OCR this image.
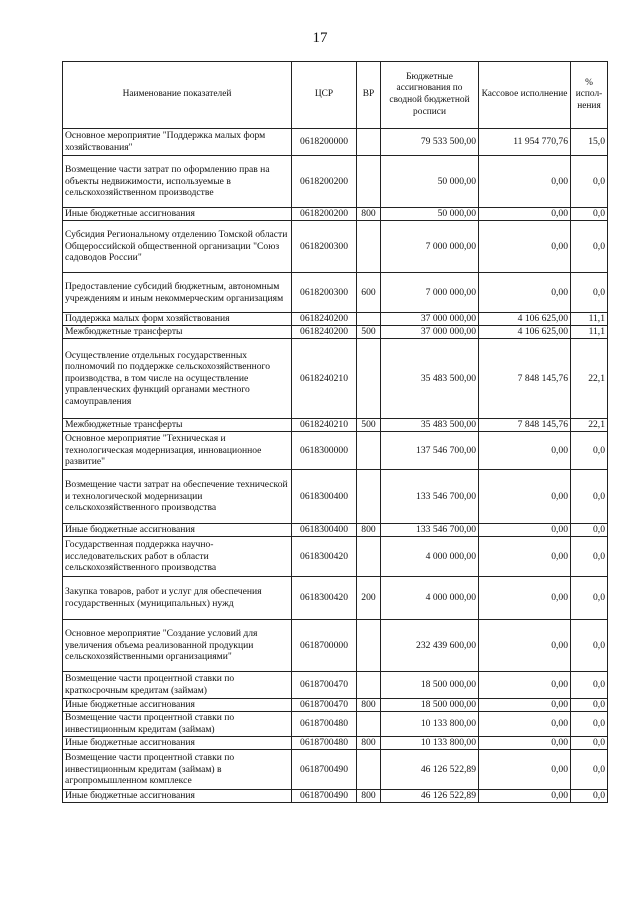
17
Наименование показателей	ЦСР	ВР	Бюджетные ассигнования по сводной бюджетной росписи	Кассовое исполнение	% испол-нения
Основное мероприятие "Поддержка малых форм хозяйствования"	0618200000		79 533 500,00	11 954 770,76	15,0
Возмещение части затрат по оформлению прав на объекты недвижимости, используемые в сельскохозяйственном производстве	0618200200		50 000,00	0,00	0,0
Иные бюджетные ассигнования	0618200200	800	50 000,00	0,00	0,0
Субсидия Региональному отделению Томской области Общероссийской общественной организации "Союз садоводов России"	0618200300		7 000 000,00	0,00	0,0
Предоставление субсидий бюджетным, автономным учреждениям и иным некоммерческим организациям	0618200300	600	7 000 000,00	0,00	0,0
Поддержка малых форм хозяйствования	0618240200		37 000 000,00	4 106 625,00	11,1
Межбюджетные трансферты	0618240200	500	37 000 000,00	4 106 625,00	11,1
Осуществление отдельных государственных полномочий по поддержке сельскохозяйственного производства, в том числе на осуществление управленческих функций органами местного самоуправления	0618240210		35 483 500,00	7 848 145,76	22,1
Межбюджетные трансферты	0618240210	500	35 483 500,00	7 848 145,76	22,1
Основное мероприятие "Техническая и технологическая модернизация, инновационное развитие"	0618300000		137 546 700,00	0,00	0,0
Возмещение части затрат на обеспечение технической и технологической модернизации сельскохозяйственного производства	0618300400		133 546 700,00	0,00	0,0
Иные бюджетные ассигнования	0618300400	800	133 546 700,00	0,00	0,0
Государственная поддержка научно-исследовательских работ в области сельскохозяйственного производства	0618300420		4 000 000,00	0,00	0,0
Закупка товаров, работ и услуг для обеспечения государственных (муниципальных) нужд	0618300420	200	4 000 000,00	0,00	0,0
Основное мероприятие "Создание условий для увеличения объема реализованной продукции сельскохозяйственными организациями"	0618700000		232 439 600,00	0,00	0,0
Возмещение части процентной ставки по краткосрочным кредитам (займам)	0618700470		18 500 000,00	0,00	0,0
Иные бюджетные ассигнования	0618700470	800	18 500 000,00	0,00	0,0
Возмещение части процентной ставки по инвестиционным кредитам (займам)	0618700480		10 133 800,00	0,00	0,0
Иные бюджетные ассигнования	0618700480	800	10 133 800,00	0,00	0,0
Возмещение части процентной ставки по инвестиционным кредитам (займам) в агропромышленном комплексе	0618700490		46 126 522,89	0,00	0,0
Иные бюджетные ассигнования	0618700490	800	46 126 522,89	0,00	0,0
